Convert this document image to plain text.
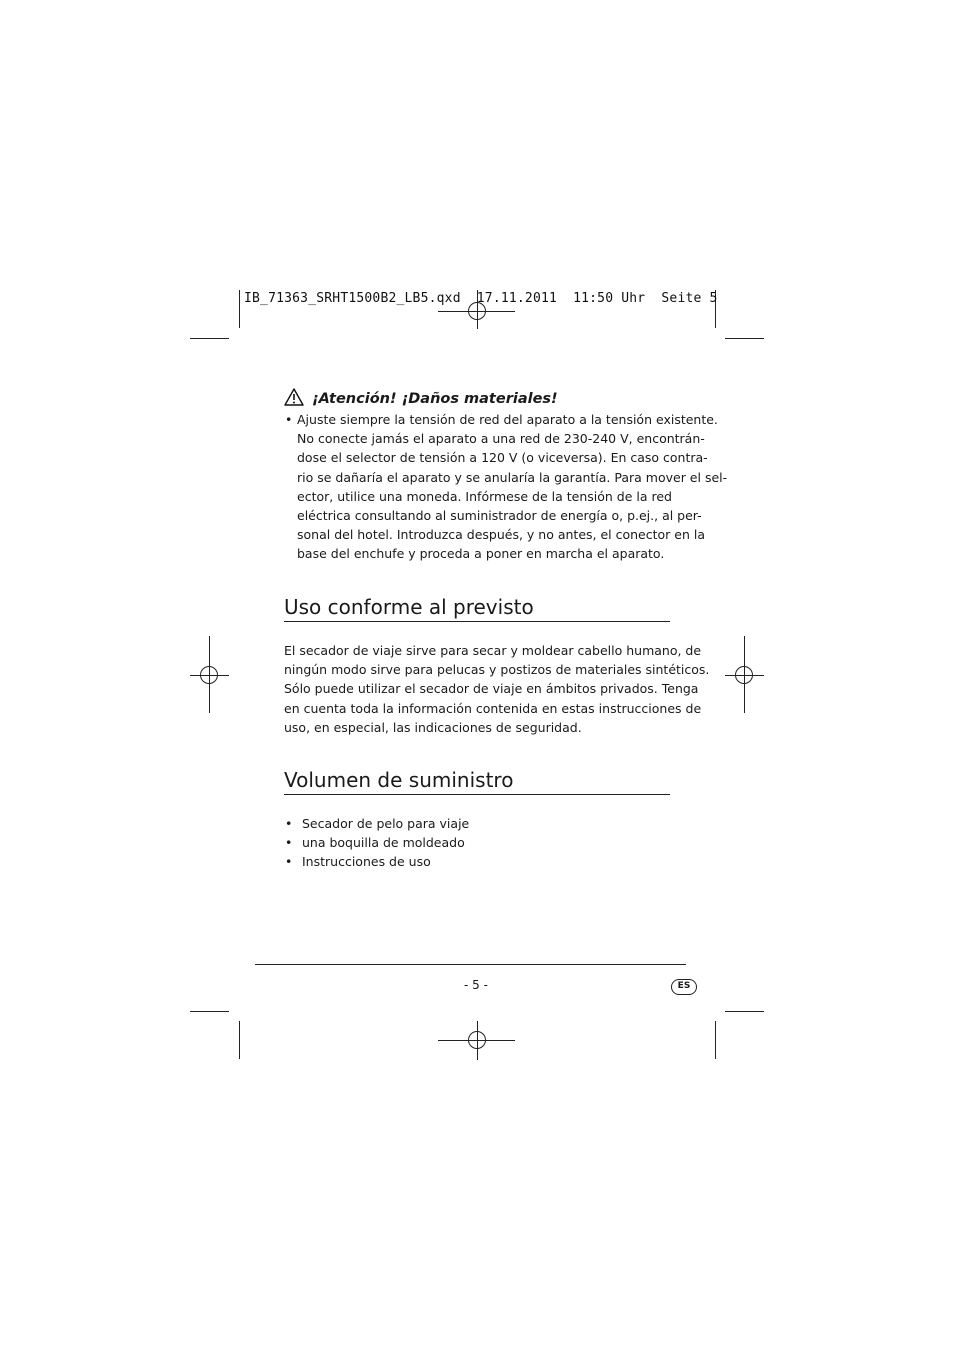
IB_71363_SRHT1500B2_LB5.qxd  17.11.2011  11:50 Uhr  Seite 5
¡Atención! ¡Daños materiales!
• Ajuste siempre la tensión de red del aparato a la tensión existente.
No conecte jamás el aparato a una red de 230-240 V, encontrán-
dose el selector de tensión a 120 V (o viceversa). En caso contra-
rio se dañaría el aparato y se anularía la garantía. Para mover el sel-
ector, utilice una moneda. Infórmese de la tensión de la red
eléctrica consultando al suministrador de energía o, p.ej., al per-
sonal del hotel. Introduzca después, y no antes, el conector en la
base del enchufe y proceda a poner en marcha el aparato.
Uso conforme al previsto
El secador de viaje sirve para secar y moldear cabello humano, de
ningún modo sirve para pelucas y postizos de materiales sintéticos.
Sólo puede utilizar el secador de viaje en ámbitos privados. Tenga
en cuenta toda la información contenida en estas instrucciones de
uso, en especial, las indicaciones de seguridad.
Volumen de suministro
• Secador de pelo para viaje
• una boquilla de moldeado
• Instrucciones de uso
- 5 -	ES
